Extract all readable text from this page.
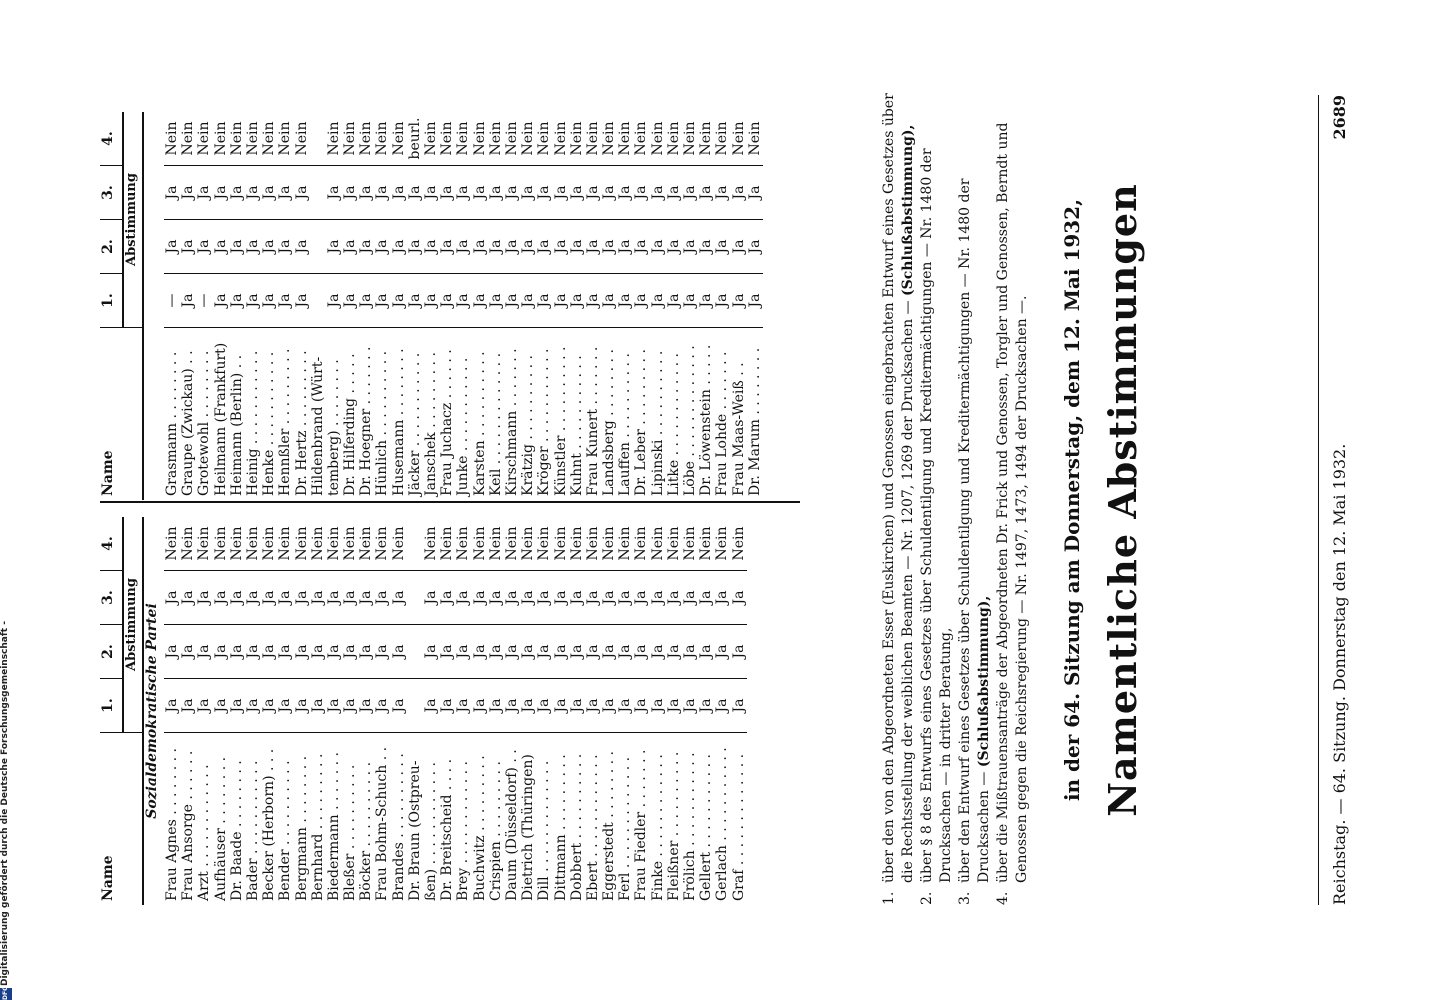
Reichstag. — 64. Sitzung. Donnerstag den 12. Mai 1932.
2689
Namentliche Abstimmungen
in der 64. Sitzung am Donnerstag, dem 12. Mai 1932,
1.
über den von den Abgeordneten Esser (Euskirchen) und Genossen eingebrachten Entwurf eines Gesetzes über die Rechtsstellung der weiblichen Beamten — Nr. 1207, 1269 der Drucksachen — (Schlußabstimmung),
2.
über § 8 des Entwurfs eines Gesetzes über Schuldentilgung und Kreditermächtigungen — Nr. 1480 der Drucksachen — in dritter Beratung,
3.
über den Entwurf eines Gesetzes über Schuldentilgung und Kreditermächtigungen — Nr. 1480 der Drucksachen — (Schlußabstimmung),
4.
über die Mißtrauensanträge der Abgeordneten Dr. Frick und Genossen, Torgler und Genossen, Berndt und Genossen gegen die Reichsregierung — Nr. 1497, 1473, 1494 der Drucksachen —.
Name	1.	2.	3.	4.
	Abstimmung			
Sozialdemokratische Partei				
Frau Agnes . . . . . . . .	Ja	Ja	Ja	Nein
Frau Ansorge . . . . . .	Ja	Ja	Ja	Nein
Arzt . . . . . . . . . . . .	Ja	Ja	Ja	Nein
Aufhäuser . . . . . . . .	Ja	Ja	Ja	Nein
Dr. Baade . . . . . . . .	Ja	Ja	Ja	Nein
Bader . . . . . . . . . . .	Ja	Ja	Ja	Nein
Becker (Herborn) . . .	Ja	Ja	Ja	Nein
Bender . . . . . . . . . .	Ja	Ja	Ja	Nein
Bergmann . . . . . . . .	Ja	Ja	Ja	Nein
Bernhard . . . . . . . . .	Ja	Ja	Ja	Nein
Biedermann . . . . . . .	Ja	Ja	Ja	Nein
Bleßer . . . . . . . . . .	Ja	Ja	Ja	Nein
Böcker . . . . . . . . . .	Ja	Ja	Ja	Nein
Frau Bohm-Schuch . .	Ja	Ja	Ja	Nein
Brandes . . . . . . . . . .	Ja	Ja	Ja	Nein
Dr. Braun (Ostpreu-				
ßen) . . . . . . . . . . . .	Ja	Ja	Ja	Nein
Dr. Breitscheid . . . .	Ja	Ja	Ja	Nein
Brey . . . . . . . . . . . .	Ja	Ja	Ja	Nein
Buchwitz . . . . . . . . .	Ja	Ja	Ja	Nein
Crispien . . . . . . . . .	Ja	Ja	Ja	Nein
Daum (Düsseldorf) . .	Ja	Ja	Ja	Nein
Dietrich (Thüringen)	Ja	Ja	Ja	Nein
Dill . . . . . . . . . . . . .	Ja	Ja	Ja	Nein
Dittmann . . . . . . . . .	Ja	Ja	Ja	Nein
Dobbert . . . . . . . . . .	Ja	Ja	Ja	Nein
Ebert . . . . . . . . . . . .	Ja	Ja	Ja	Nein
Eggerstedt . . . . . . . .	Ja	Ja	Ja	Nein
Ferl . . . . . . . . . . . . .	Ja	Ja	Ja	Nein
Frau Fiedler . . . . . . .	Ja	Ja	Ja	Nein
Finke . . . . . . . . . . . .	Ja	Ja	Ja	Nein
Fleißner . . . . . . . . . .	Ja	Ja	Ja	Nein
Frölich . . . . . . . . . . .	Ja	Ja	Ja	Nein
Gellert . . . . . . . . . . .	Ja	Ja	Ja	Nein
Gerlach . . . . . . . . . . .	Ja	Ja	Ja	Nein
Graf . . . . . . . . . . . . .	Ja	Ja	Ja	Nein
Name	1.	2.	3.	4.
	Abstimmung			

Grasmann . . . . . . . .	—	Ja	Ja	Nein
Graupe (Zwickau) . .	Ja	Ja	Ja	Nein
Grotewohl . . . . . . . .	—	Ja	Ja	Nein
Heilmann (Frankfurt)	Ja	Ja	Ja	Nein
Heimann (Berlin) . .	Ja	Ja	Ja	Nein
Heinig . . . . . . . . . . .	Ja	Ja	Ja	Nein
Henke . . . . . . . . . . .	Ja	Ja	Ja	Nein
Hennßler . . . . . . . . .	Ja	Ja	Ja	Nein
Dr. Hertz . . . . . . . . .	Ja	Ja	Ja	Nein
Hildenbrand (Würt-				
temberg) . . . . . . . .	Ja	Ja	Ja	Nein
Dr. Hilferding . . . . .	Ja	Ja	Ja	Nein
Dr. Hoegner . . . . . . .	Ja	Ja	Ja	Nein
Hünlich . . . . . . . . . .	Ja	Ja	Ja	Nein
Husemann . . . . . . . .	Ja	Ja	Ja	Nein
Jäcker . . . . . . . . . . .	Ja	Ja	Ja	beurl.
Janschek . . . . . . . . .	Ja	Ja	Ja	Nein
Frau Juchacz . . . . . .	Ja	Ja	Ja	Nein
Junke . . . . . . . . . . .	Ja	Ja	Ja	Nein
Karsten . . . . . . . . . .	Ja	Ja	Ja	Nein
Keil . . . . . . . . . . . . .	Ja	Ja	Ja	Nein
Kirschmann . . . . . . .	Ja	Ja	Ja	Nein
Krätzig . . . . . . . . . .	Ja	Ja	Ja	Nein
Kröger . . . . . . . . . . .	Ja	Ja	Ja	Nein
Künstler . . . . . . . . . .	Ja	Ja	Ja	Nein
Kuhnt . . . . . . . . . . .	Ja	Ja	Ja	Nein
Frau Kunert . . . . . . .	Ja	Ja	Ja	Nein
Landsberg . . . . . . . .	Ja	Ja	Ja	Nein
Lauffen . . . . . . . . . .	Ja	Ja	Ja	Nein
Dr. Leber . . . . . . . . .	Ja	Ja	Ja	Nein
Lipinski . . . . . . . . . .	Ja	Ja	Ja	Nein
Litke . . . . . . . . . . . .	Ja	Ja	Ja	Nein
Löbe . . . . . . . . . . . . .	Ja	Ja	Ja	Nein
Dr. Löwenstein . . . . .	Ja	Ja	Ja	Nein
Frau Lohde . . . . . . .	Ja	Ja	Ja	Nein
Frau Maas-Weiß . .	Ja	Ja	Ja	Nein
Dr. Marum . . . . . . . .	Ja	Ja	Ja	Nein
DFG
Digitalisierung gefördert durch die Deutsche Forschungsgemeinschaft -
